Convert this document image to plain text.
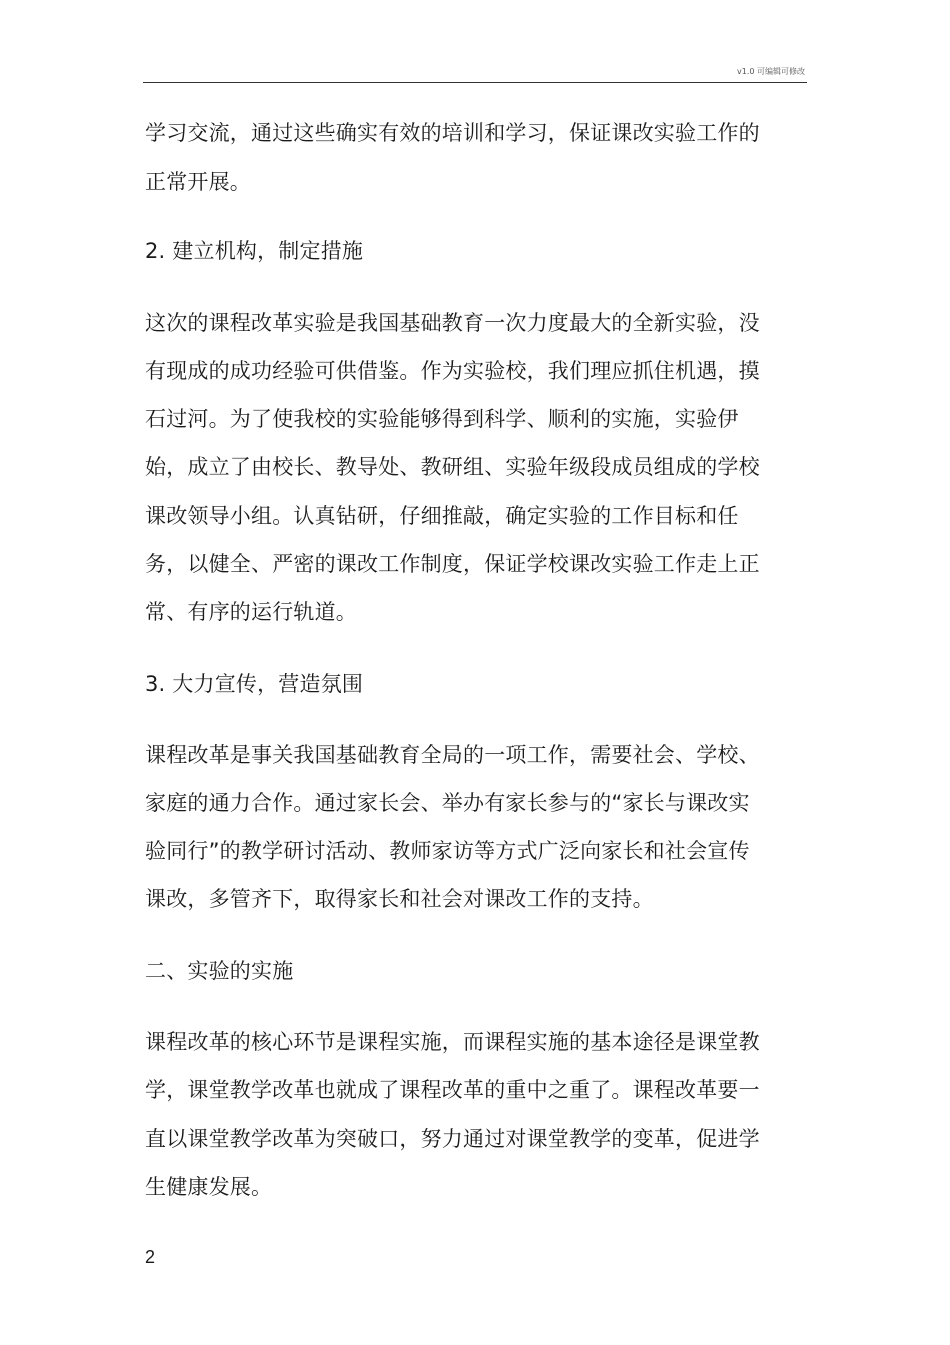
v1.0 可编辑可修改
学习交流，通过这些确实有效的培训和学习，保证课改实验工作的
正常开展。
2. 建立机构，制定措施
这次的课程改革实验是我国基础教育一次力度最大的全新实验，没
有现成的成功经验可供借鉴。作为实验校，我们理应抓住机遇，摸
石过河。为了使我校的实验能够得到科学、顺利的实施，实验伊
始，成立了由校长、教导处、教研组、实验年级段成员组成的学校
课改领导小组。认真钻研，仔细推敲，确定实验的工作目标和任
务，以健全、严密的课改工作制度，保证学校课改实验工作走上正
常、有序的运行轨道。
3. 大力宣传，营造氛围
课程改革是事关我国基础教育全局的一项工作，需要社会、学校、
家庭的通力合作。通过家长会、举办有家长参与的“家长与课改实
验同行”的教学研讨活动、教师家访等方式广泛向家长和社会宣传
课改，多管齐下，取得家长和社会对课改工作的支持。
二、实验的实施
课程改革的核心环节是课程实施，而课程实施的基本途径是课堂教
学，课堂教学改革也就成了课程改革的重中之重了。课程改革要一
直以课堂教学改革为突破口，努力通过对课堂教学的变革，促进学
生健康发展。
2
